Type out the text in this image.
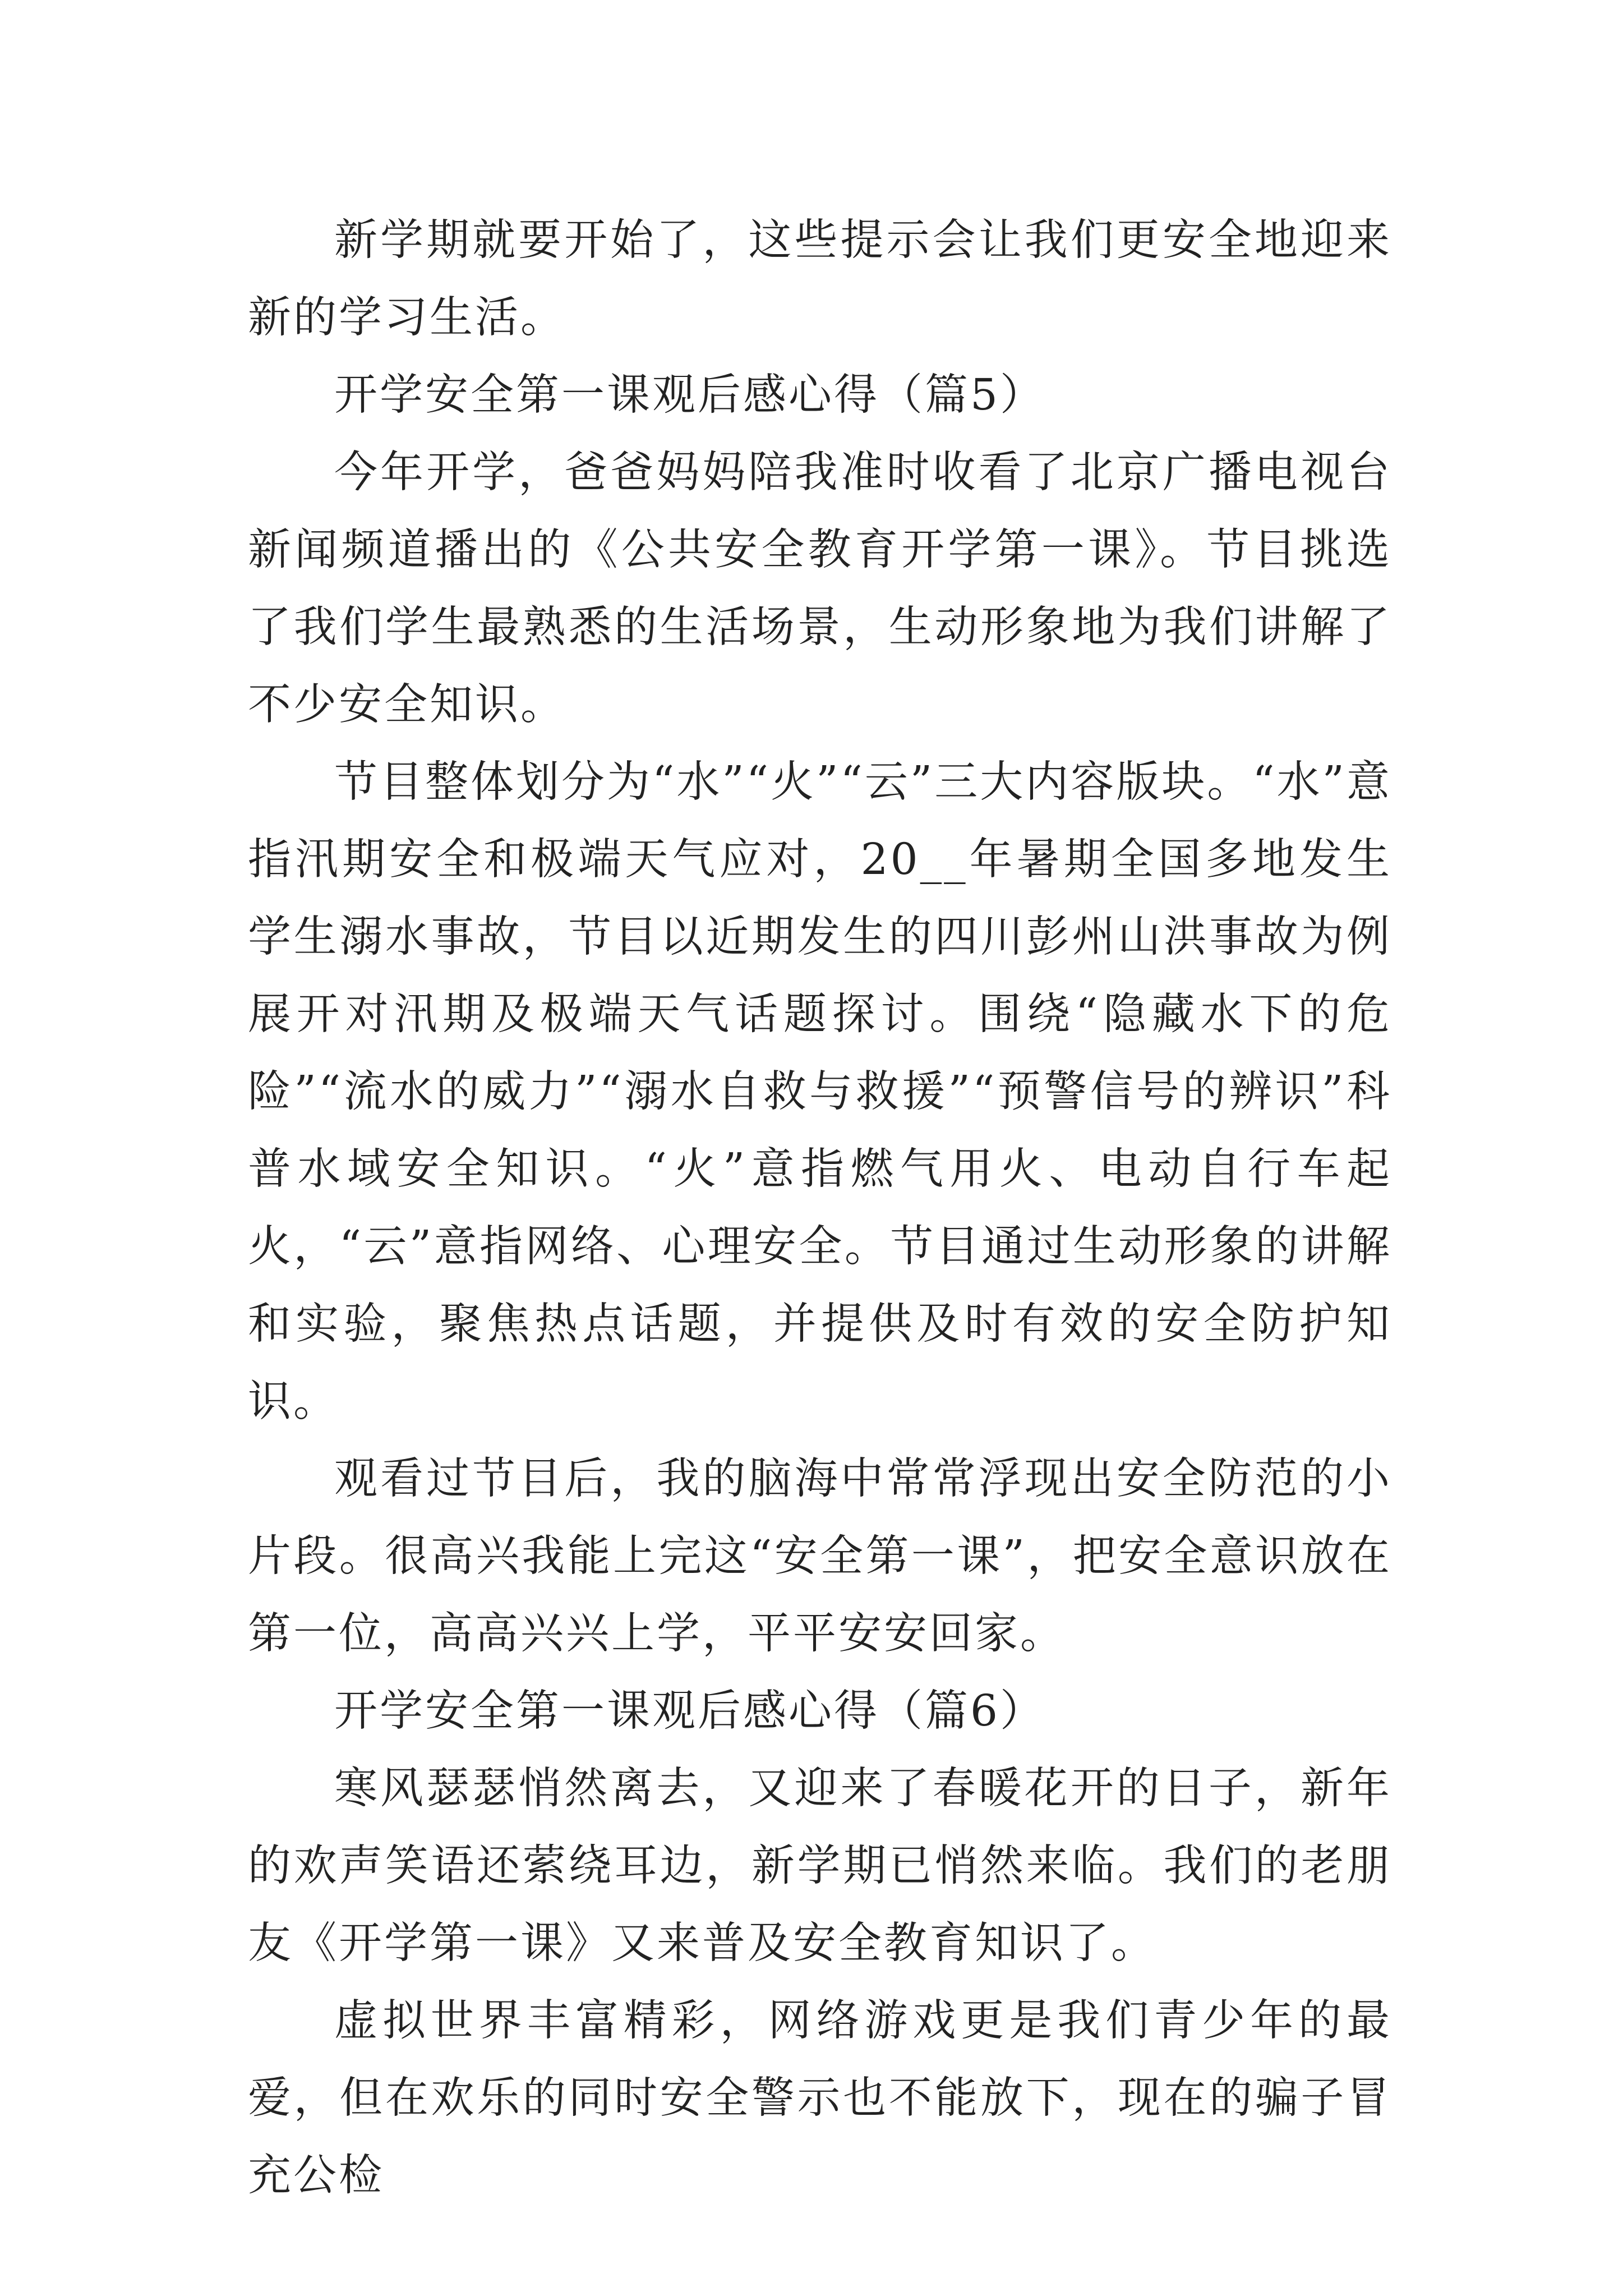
新学期就要开始了，这些提示会让我们更安全地迎来新的学习生活。

开学安全第一课观后感心得（篇5）

今年开学，爸爸妈妈陪我准时收看了北京广播电视台新闻频道播出的《公共安全教育开学第一课》。节目挑选了我们学生最熟悉的生活场景，生动形象地为我们讲解了不少安全知识。

节目整体划分为“水”“火”“云”三大内容版块。“水”意指汛期安全和极端天气应对，20__年暑期全国多地发生学生溺水事故，节目以近期发生的四川彭州山洪事故为例展开对汛期及极端天气话题探讨。围绕“隐藏水下的危险”“流水的威力”“溺水自救与救援”“预警信号的辨识”科普水域安全知识。“火”意指燃气用火、电动自行车起火，“云”意指网络、心理安全。节目通过生动形象的讲解和实验，聚焦热点话题，并提供及时有效的安全防护知识。

观看过节目后，我的脑海中常常浮现出安全防范的小片段。很高兴我能上完这“安全第一课”，把安全意识放在第一位，高高兴兴上学，平平安安回家。

开学安全第一课观后感心得（篇6）

寒风瑟瑟悄然离去，又迎来了春暖花开的日子，新年的欢声笑语还萦绕耳边，新学期已悄然来临。我们的老朋友《开学第一课》又来普及安全教育知识了。

虚拟世界丰富精彩，网络游戏更是我们青少年的最爱，但在欢乐的同时安全警示也不能放下，现在的骗子冒充公检
